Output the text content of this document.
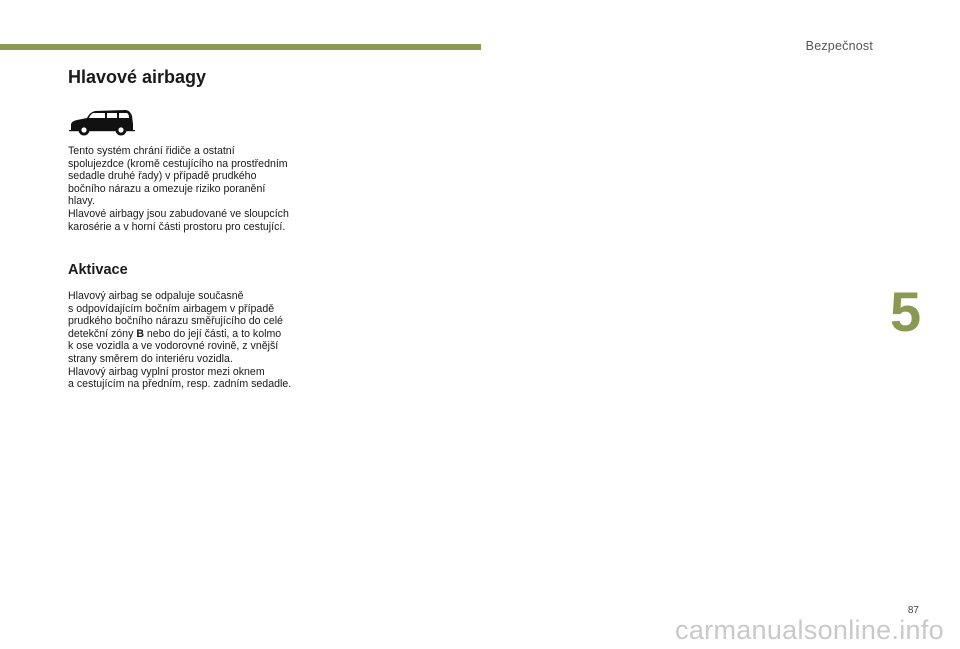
Bezpečnost
Hlavové airbagy

Tento systém chrání řidiče a ostatní
spolujezdce (kromě cestujícího na prostředním
sedadle druhé řady) v případě prudkého
bočního nárazu a omezuje riziko poranění
hlavy.
Hlavové airbagy jsou zabudované ve sloupcích
karosérie a v horní části prostoru pro cestující.

Aktivace

Hlavový airbag se odpaluje současně
s odpovídajícím bočním airbagem v případě
prudkého bočního nárazu směřujícího do celé
detekční zóny B nebo do její části, a to kolmo
k ose vozidla a ve vodorovné rovině, z vnější
strany směrem do interiéru vozidla.
Hlavový airbag vyplní prostor mezi oknem
a cestujícím na předním, resp. zadním sedadle.

5
87
carmanualsonline.info
